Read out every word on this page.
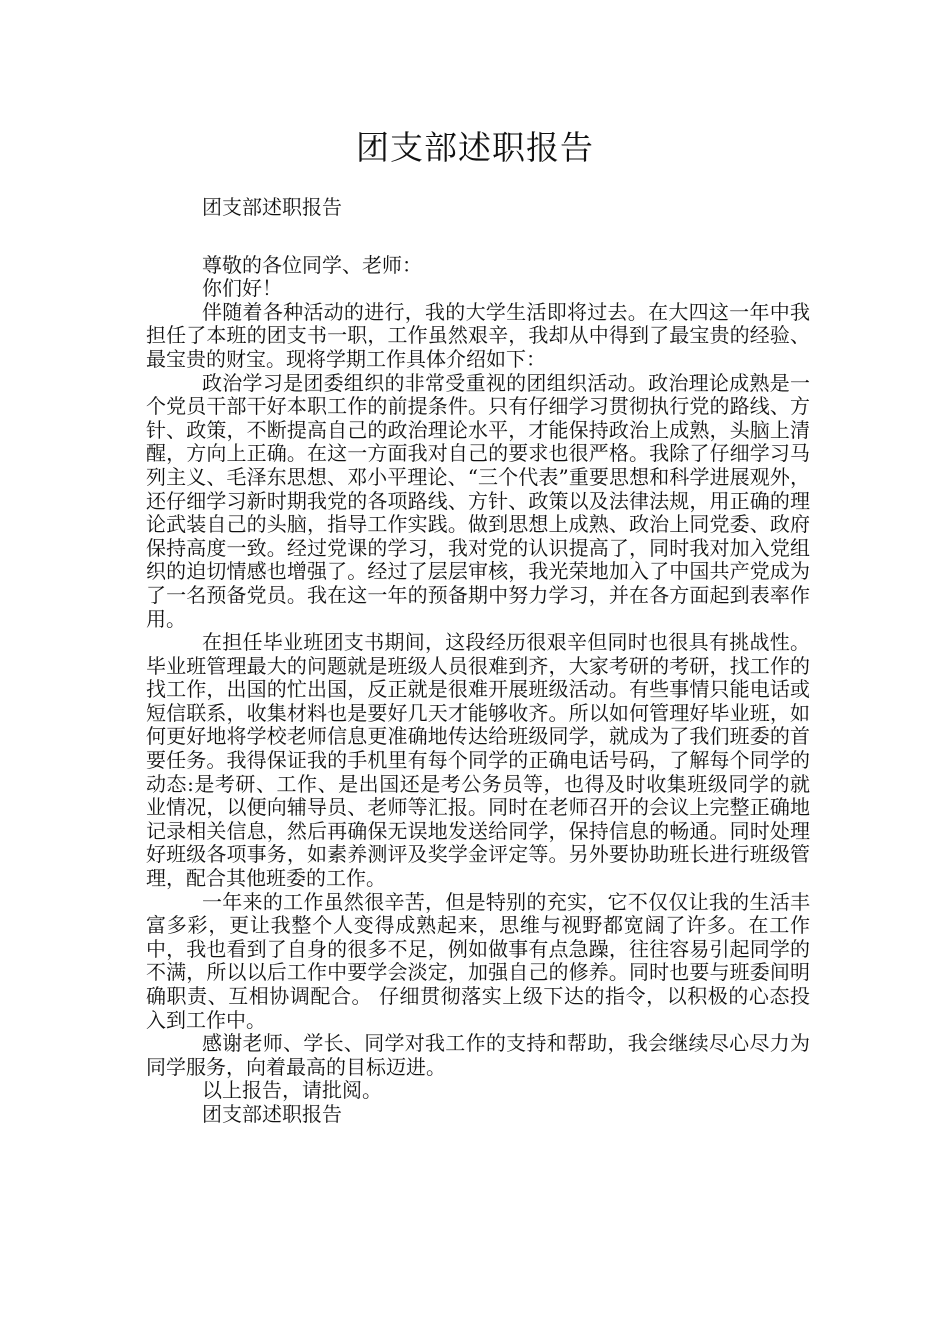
团支部述职报告

团支部述职报告

尊敬的各位同学、老师：

你们好！

伴随着各种活动的进行，我的大学生活即将过去。在大四这一年中我担任了本班的团支书一职，工作虽然艰辛，我却从中得到了最宝贵的经验、最宝贵的财宝。现将学期工作具体介绍如下：

政治学习是团委组织的非常受重视的团组织活动。政治理论成熟是一个党员干部干好本职工作的前提条件。只有仔细学习贯彻执行党的路线、方针、政策，不断提高自己的政治理论水平，才能保持政治上成熟，头脑上清醒，方向上正确。在这一方面我对自己的要求也很严格。我除了仔细学习马列主义、毛泽东思想、邓小平理论、“三个代表”重要思想和科学进展观外，还仔细学习新时期我党的各项路线、方针、政策以及法律法规，用正确的理论武装自己的头脑，指导工作实践。做到思想上成熟、政治上同党委、政府保持高度一致。经过党课的学习，我对党的认识提高了，同时我对加入党组织的迫切情感也增强了。经过了层层审核，我光荣地加入了中国共产党成为了一名预备党员。我在这一年的预备期中努力学习，并在各方面起到表率作用。

在担任毕业班团支书期间，这段经历很艰辛但同时也很具有挑战性。毕业班管理最大的问题就是班级人员很难到齐，大家考研的考研，找工作的找工作，出国的忙出国，反正就是很难开展班级活动。有些事情只能电话或短信联系，收集材料也是要好几天才能够收齐。所以如何管理好毕业班，如何更好地将学校老师信息更准确地传达给班级同学，就成为了我们班委的首要任务。我得保证我的手机里有每个同学的正确电话号码，了解每个同学的动态:是考研、工作、是出国还是考公务员等，也得及时收集班级同学的就业情况，以便向辅导员、老师等汇报。同时在老师召开的会议上完整正确地记录相关信息，然后再确保无误地发送给同学，保持信息的畅通。同时处理好班级各项事务，如素养测评及奖学金评定等。另外要协助班长进行班级管理，配合其他班委的工作。

一年来的工作虽然很辛苦，但是特别的充实，它不仅仅让我的生活丰富多彩，更让我整个人变得成熟起来，思维与视野都宽阔了许多。在工作中，我也看到了自身的很多不足，例如做事有点急躁，往往容易引起同学的不满，所以以后工作中要学会淡定，加强自己的修养。同时也要与班委间明确职责、互相协调配合。 仔细贯彻落实上级下达的指令，以积极的心态投入到工作中。

感谢老师、学长、同学对我工作的支持和帮助，我会继续尽心尽力为同学服务，向着最高的目标迈进。

以上报告，请批阅。

团支部述职报告
